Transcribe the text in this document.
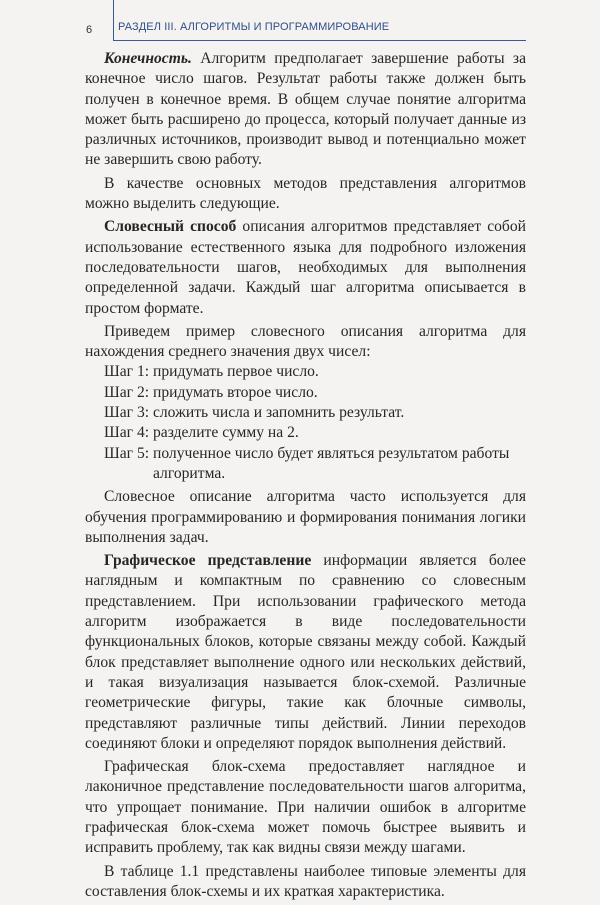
6 РАЗДЕЛ III. АЛГОРИТМЫ И ПРОГРАММИРОВАНИЕ

Конечность. Алгоритм предполагает завершение работы за конечное число шагов. Результат работы также должен быть получен в конечное время. В общем случае понятие алгоритма может быть расширено до процесса, который получает данные из различных источников, производит вывод и потенциально может не завершить свою работу.

В качестве основных методов представления алгоритмов можно выделить следующие.

Словесный способ описания алгоритмов представляет собой использование естественного языка для подробного изложения последовательности шагов, необходимых для выполнения определенной задачи. Каждый шаг алгоритма описывается в простом формате.

Приведем пример словесного описания алгоритма для нахождения среднего значения двух чисел:

Шаг 1: придумать первое число.
Шаг 2: придумать второе число.
Шаг 3: сложить числа и запомнить результат.
Шаг 4: разделите сумму на 2.
Шаг 5: полученное число будет являться результатом работы алгоритма.

Словесное описание алгоритма часто используется для обучения программированию и формирования понимания логики выполнения задач.

Графическое представление информации является более наглядным и компактным по сравнению со словесным представлением. При использовании графического метода алгоритм изображается в виде последовательности функциональных блоков, которые связаны между собой. Каждый блок представляет выполнение одного или нескольких действий, и такая визуализация называется блок-схемой. Различные геометрические фигуры, такие как блочные символы, представляют различные типы действий. Линии переходов соединяют блоки и определяют порядок выполнения действий.

Графическая блок-схема предоставляет наглядное и лаконичное представление последовательности шагов алгоритма, что упрощает понимание. При наличии ошибок в алгоритме графическая блок-схема может помочь быстрее выявить и исправить проблему, так как видны связи между шагами.

В таблице 1.1 представлены наиболее типовые элементы для составления блок-схемы и их краткая характеристика.
